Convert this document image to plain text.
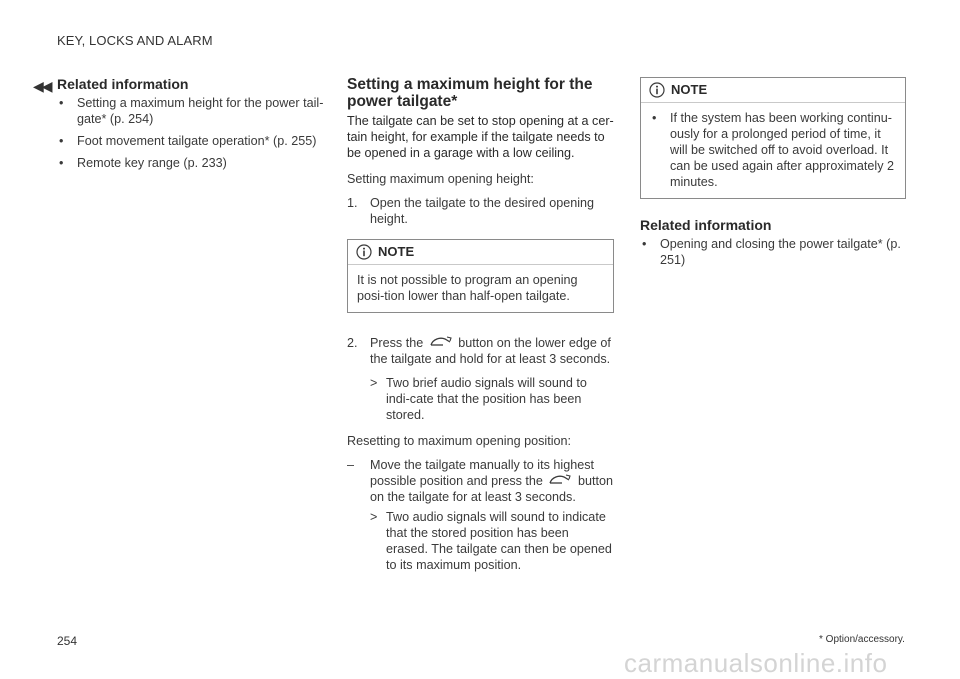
KEY, LOCKS AND ALARM
◀◀ Related information
• Setting a maximum height for the power tail-gate* (p. 254)
• Foot movement tailgate operation* (p. 255)
• Remote key range (p. 233)
Setting a maximum height for the power tailgate*

The tailgate can be set to stop opening at a cer-tain height, for example if the tailgate needs to be opened in a garage with a low ceiling.

Setting maximum opening height:

1. Open the tailgate to the desired opening height.
NOTE
It is not possible to program an opening posi-tion lower than half-open tailgate.
2. Press the	button on the lower edge of the tailgate and hold for at least 3 seconds.
> Two brief audio signals will sound to indi-cate that the position has been stored.

Resetting to maximum opening position:

– Move the tailgate manually to its highest possible position and press the	button on the tailgate for at least 3 seconds.
> Two audio signals will sound to indicate that the stored position has been erased. The tailgate can then be opened to its maximum position.
NOTE
• If the system has been working continu-ously for a prolonged period of time, it will be switched off to avoid overload. It can be used again after approximately 2 minutes.
Related information
• Opening and closing the power tailgate* (p. 251)
254	* Option/accessory.
carmanualsonline.info
